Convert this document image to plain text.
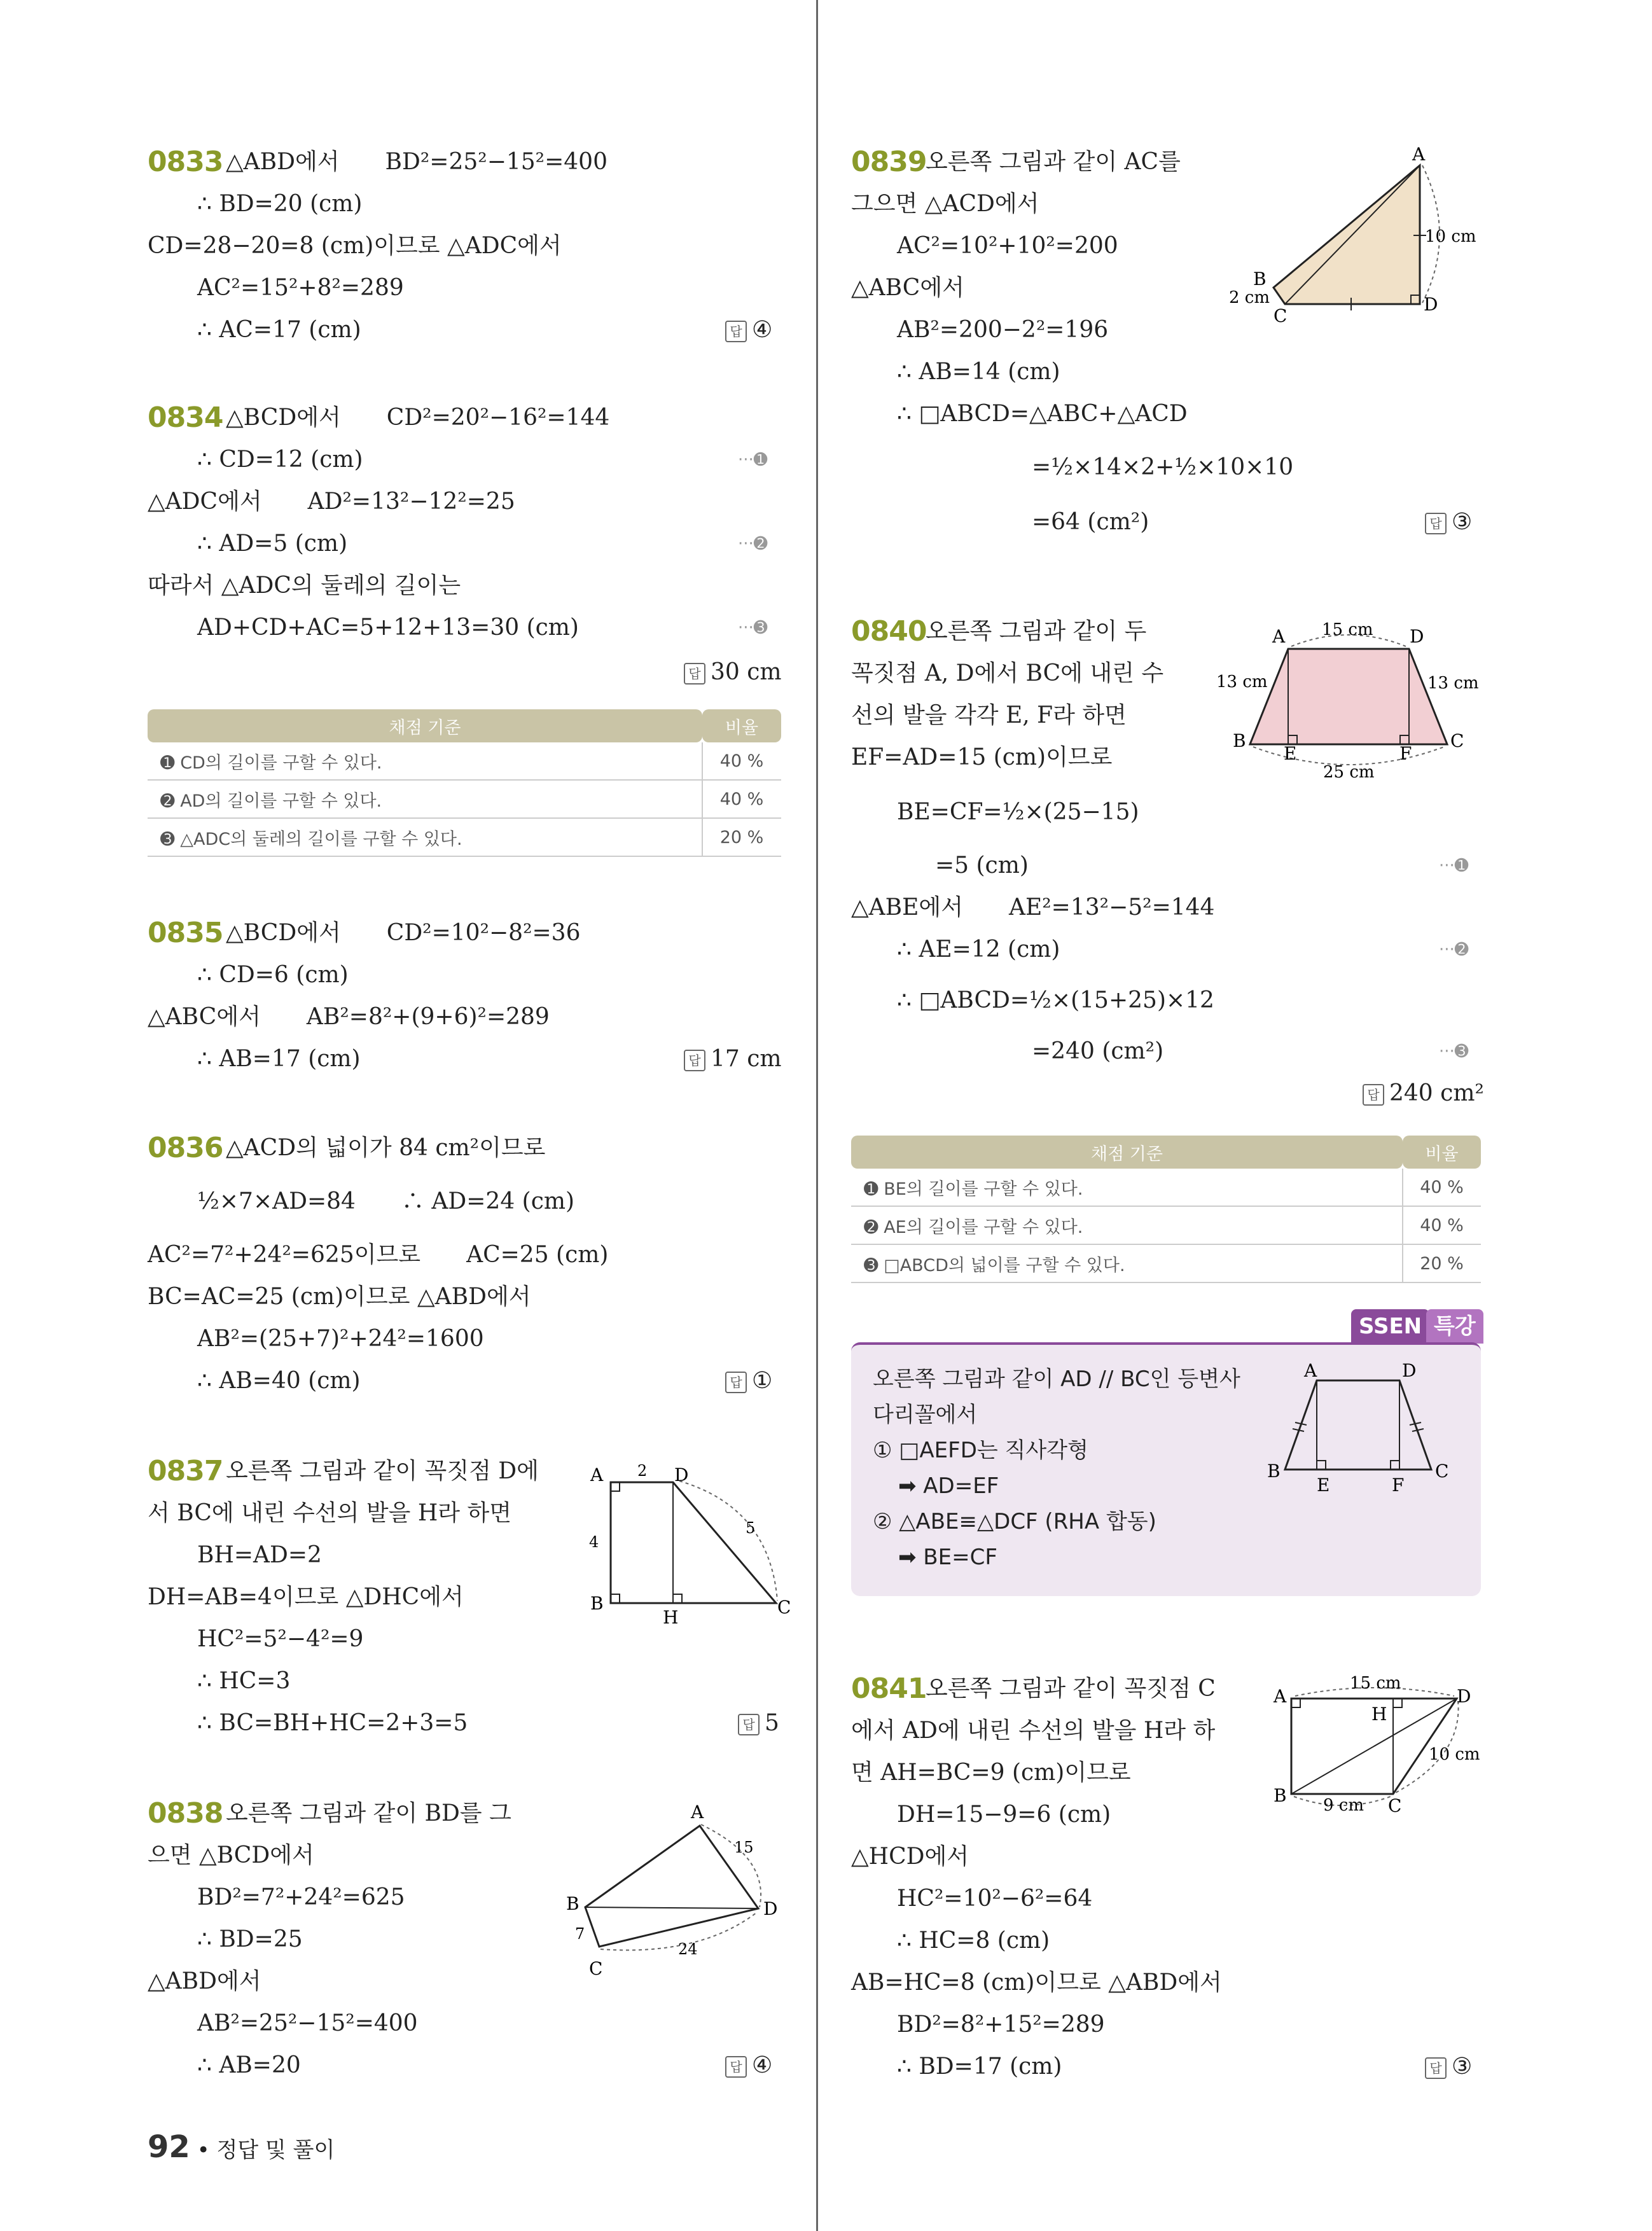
0833 △ABD에서　　BD²=25²−15²=400
∴ BD=20 (cm)
CD=28−20=8 (cm)이므로 △ADC에서
AC²=15²+8²=289
∴ AC=17 (cm)	답 ④
0834 △BCD에서　　CD²=20²−16²=144
∴ CD=12 (cm)	···➊
△ADC에서　　AD²=13²−12²=25
∴ AD=5 (cm)	···➋
따라서 △ADC의 둘레의 길이는
AD+CD+AC=5+12+13=30 (cm)	···➌
답 30 cm
채점 기준	비율
➊ CD의 길이를 구할 수 있다.	40 %
➋ AD의 길이를 구할 수 있다.	40 %
➌ △ADC의 둘레의 길이를 구할 수 있다.	20 %
0835 △BCD에서　　CD²=10²−8²=36
∴ CD=6 (cm)
△ABC에서　　AB²=8²+(9+6)²=289
∴ AB=17 (cm)	답 17 cm
0836 △ACD의 넓이가 84 cm²이므로
½×7×AD=84　　∴ AD=24 (cm)
AC²=7²+24²=625이므로　　AC=25 (cm)
BC=AC=25 (cm)이므로 △ABD에서
AB²=(25+7)²+24²=1600
∴ AB=40 (cm)	답 ①
0837 오른쪽 그림과 같이 꼭짓점 D에
서 BC에 내린 수선의 발을 H라 하면
BH=AD=2
DH=AB=4이므로 △DHC에서
HC²=5²−4²=9
∴ HC=3
∴ BC=BH+HC=2+3=5	답 5
A 2 D
4
5
B
H	C
0838 오른쪽 그림과 같이 BD를 그
으면 △BCD에서
BD²=7²+24²=625
∴ BD=25
△ABD에서
AB²=25²−15²=400
∴ AB=20	답 ④
A
15
B	D
7
24
C
92 • 정답 및 풀이
0839
오른쪽 그림과 같이 AC를
그으면 △ACD에서
AC²=10²+10²=200
△ABC에서
AB²=200−2²=196
∴ AB=14 (cm)
∴ □ABCD=△ABC+△ACD
=½×14×2+½×10×10
=64 (cm²)	답 ③
A
10 cm
B
2 cm
C
D
0840
오른쪽 그림과 같이 두
꼭짓점 A, D에서 BC에 내린 수
선의 발을 각각 E, F라 하면
EF=AD=15 (cm)이므로
BE=CF=½×(25−15)
=5 (cm)	···➊
△ABE에서　　AE²=13²−5²=144
∴ AE=12 (cm)	···➋
∴ □ABCD=½×(15+25)×12
=240 (cm²)	···➌
답 240 cm²
A 15 cm D
13 cm	13 cm
B
E	F
C
25 cm
채점 기준	비율
➊ BE의 길이를 구할 수 있다.	40 %
➋ AE의 길이를 구할 수 있다.	40 %
➌ □ABCD의 넓이를 구할 수 있다.	20 %
SSEN 특강
오른쪽 그림과 같이 AD // BC인 등변사
다리꼴에서
① □AEFD는 직사각형
➡ AD=EF
② △ABE≡△DCF (RHA 합동)
➡ BE=CF
A	D
B
E	F
C
0841
오른쪽 그림과 같이 꼭짓점 C
에서 AD에 내린 수선의 발을 H라 하
면 AH=BC=9 (cm)이므로
DH=15−9=6 (cm)
△HCD에서
HC²=10²−6²=64
∴ HC=8 (cm)
AB=HC=8 (cm)이므로 △ABD에서
BD²=8²+15²=289
∴ BD=17 (cm)	답 ③
A
15 cm
D
H
10 cm
B 9 cm C
